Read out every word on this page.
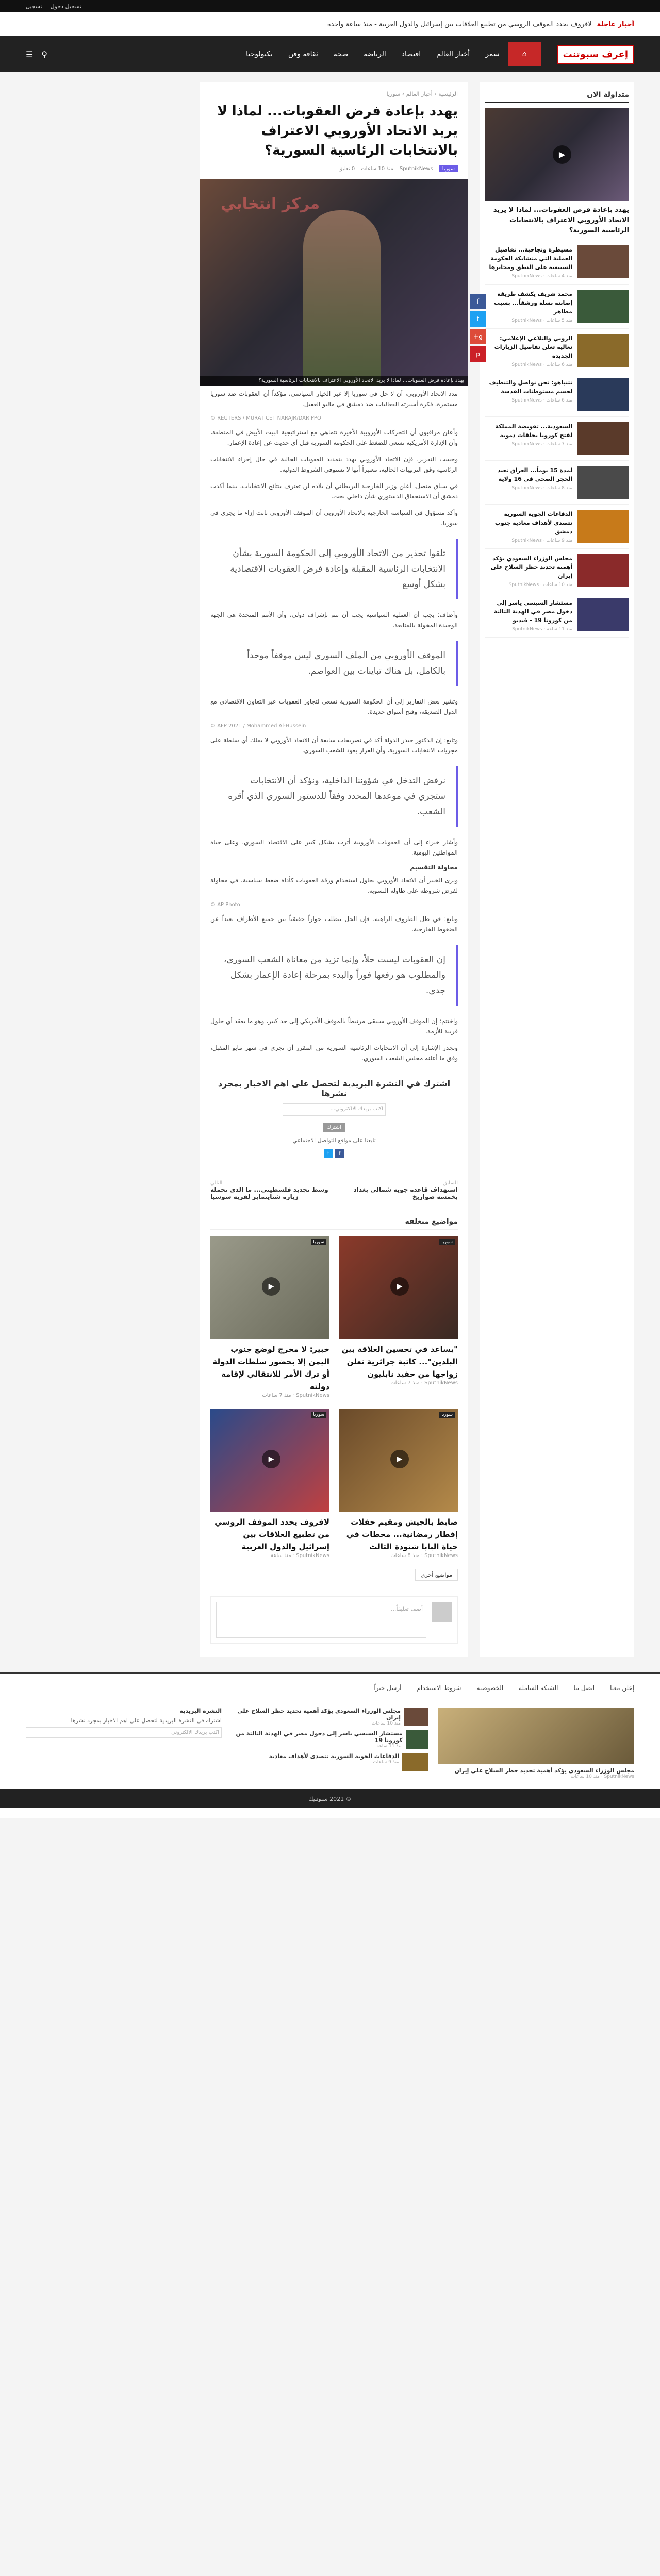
تسجيل دخول
تسجيل
أخبار عاجلة
لافروف يحدد الموقف الروسي من تطبيع العلاقات بين إسرائيل والدول العربية - منذ ساعة واحدة
إعرف سبوتنت
⌂
سمر
أخبار العالم
اقتصاد
الرياضة
صحة
ثقافة وفن
تكنولوجيا
⚲
☰
متداولة الان
▶
يهدد بإعادة فرض العقوبات... لماذا لا يريد الاتحاد الأوروبي الاعتراف بالانتخابات الرئاسية السورية؟
مسيطرة ونجاحية... تفاصيل العملية التي متشابكة الحكومة السبيعية على النطق ومخابرها
منذ 4 ساعات · SputnikNews
محمد شريف يكشف طريقة إصابته بسلة ورشقاً... بسبب مطاهر
منذ 5 ساعات · SputnikNews
الروبي والتلاعي الإعلامي: تعاليه تعلن تفاصيل الزيارات الجديدة
منذ 6 ساعات · SputnikNews
نتنياهو: نحن نواصل والتنظيف لحسم مستوطنات القدسة
منذ 6 ساعات · SputnikNews
السعودية... تفويضة المملكة لفتح كورونا بحلقات دموية
منذ 7 ساعات · SputnikNews
لمدة 15 يوماً... العراق تعيد الحجر الصحي في 16 ولاية
منذ 8 ساعات · SputnikNews
الدفاعات الجوية السورية تتصدى لأهداف معادية جنوب دمشق
منذ 9 ساعات · SputnikNews
مجلس الوزراء السعودي يؤكد أهمية تحديد حظر السلاح على إيران
منذ 10 ساعات · SputnikNews
مستشار السيسي ياسر إلى دخول مصر في الهدنة الثالثة من كورونا 19 - فيديو
منذ 11 ساعة · SputnikNews
الرئيسية › أخبار العالم › سوريا
يهدد بإعادة فرض العقوبات... لماذا لا يريد الاتحاد الأوروبي الاعتراف بالانتخابات الرئاسية السورية؟
سوريا
SputnikNews
منذ 10 ساعات
0 تعليق
مركز انتخابي
يهدد بإعادة فرض العقوبات... لماذا لا يريد الاتحاد الأوروبي الاعتراف بالانتخابات الرئاسية السورية؟
f
t
g+
p

مدد الاتحاد الأوروبي، أن لا حل في سوريا إلا عبر الخيار السياسي، مؤكداً أن العقوبات ضد سوريا مستمرة. فكرة أسيرته الفعاليات ضد دمشق في ماليو العقيل.

REUTERS / MURAT CET NARAJR/DARIPPO ©

وأعلن مراقبون أن التحركات الأوروبية الأخيرة تتماهى مع استراتيجية البيت الأبيض في المنطقة، وأن الإدارة الأمريكية تسعى للضغط على الحكومة السورية قبل أي حديث عن إعادة الإعمار.

وحسب التقرير، فإن الاتحاد الأوروبي يهدد بتمديد العقوبات الحالية في حال إجراء الانتخابات الرئاسية وفق الترتيبات الحالية، معتبراً أنها لا تستوفي الشروط الدولية.

في سياق متصل، أعلن وزير الخارجية البريطاني أن بلاده لن تعترف بنتائج الانتخابات، بينما أكدت دمشق أن الاستحقاق الدستوري شأن داخلي بحت.

وأكد مسؤول في السياسة الخارجية بالاتحاد الأوروبي أن الموقف الأوروبي ثابت إزاء ما يجري في سوريا.

تلقوا تحذير من الاتحاد الأوروبي إلى الحكومة السورية بشأن الانتخابات الرئاسية المقبلة وإعادة فرض العقوبات الاقتصادية بشكل أوسع

وأضاف: يجب أن العملية السياسية يجب أن تتم بإشراف دولي، وأن الأمم المتحدة هي الجهة الوحيدة المخولة بالمتابعة.

الموقف الأوروبي من الملف السوري ليس موقفاً موحداً بالكامل، بل هناك تباينات بين العواصم.

وتشير بعض التقارير إلى أن الحكومة السورية تسعى لتجاوز العقوبات عبر التعاون الاقتصادي مع الدول الصديقة، وفتح أسواق جديدة.

AFP 2021 / Mohammed Al-Hussein ©

وتابع: إن الدكتور حيدر الدولة أكد في تصريحات سابقة أن الاتحاد الأوروبي لا يملك أي سلطة على مجريات الانتخابات السورية، وأن القرار يعود للشعب السوري.

نرفض التدخل في شؤوننا الداخلية، ونؤكد أن الانتخابات ستجري في موعدها المحدد وفقاً للدستور السوري الذي أقره الشعب.

وأشار خبراء إلى أن العقوبات الأوروبية أثرت بشكل كبير على الاقتصاد السوري، وعلى حياة المواطنين اليومية.

محاولة التقسيم

ويرى الخبير أن الاتحاد الأوروبي يحاول استخدام ورقة العقوبات كأداة ضغط سياسية، في محاولة لفرض شروطه على طاولة التسوية.

AP Photo ©

وتابع: في ظل الظروف الراهنة، فإن الحل يتطلب حواراً حقيقياً بين جميع الأطراف بعيداً عن الضغوط الخارجية.

إن العقوبات ليست حلاً، وإنما تزيد من معاناة الشعب السوري، والمطلوب هو رفعها فوراً والبدء بمرحلة إعادة الإعمار بشكل جدي.

واختتم: إن الموقف الأوروبي سيبقى مرتبطاً بالموقف الأمريكي إلى حد كبير، وهو ما يعقد أي حلول قريبة للأزمة.

وتجدر الإشارة إلى أن الانتخابات الرئاسية السورية من المقرر أن تجرى في شهر مايو المقبل، وفق ما أعلنه مجلس الشعب السوري.

اشترك في النشرة البريدية لتحصل على اهم الاخبار بمجرد نشرها
اكتب بريدك الالكتروني...
اشترك
تابعنا على مواقع التواصل الاجتماعي
f
t
السابق
استهداف قاعدة جوية شمالي بغداد بخمسة صواريخ
التالي
وسط تجديد فلسطيني... ما الذي تحمله زيارة شتاينماير لقرية سوسيا
مواضيع متعلقة
سوريا
▶
"يساعد في تحسين العلاقة بين البلدين"... كاتبة جزائرية تعلن زواجها من حفيد نابليون
SputnikNews · منذ 7 ساعات
سوريا
▶
خبير: لا مخرج لوضع جنوب اليمن إلا بحضور سلطات الدولة أو ترك الأمر للانتقالي لإقامة دولته
SputnikNews · منذ 7 ساعات
سوريا
▶
ضابط بالجيش ومقيم حفلات إفطار رمضانية... محطات في حياة البابا شنودة الثالث
SputnikNews · منذ 8 ساعات
سوريا
▶
لافروف يحدد الموقف الروسي من تطبيع العلاقات بين إسرائيل والدول العربية
SputnikNews · منذ ساعة
مواضيع أخرى
أضف تعليقاً...
إعلن معنا
اتصل بنا
الشبكة الشاملة
الخصوصية
شروط الاستخدام
أرسل خبراً
مجلس الوزراء السعودي يؤكد أهمية تحديد حظر السلاح على إيران
SputnikNews · منذ 10 ساعات
مجلس الوزراء السعودي يؤكد أهمية تحديد حظر السلاح على إيران
منذ 10 ساعات
مستشار السيسي ياسر إلى دخول مصر في الهدنة الثالثة من كورونا 19
منذ 11 ساعة
الدفاعات الجوية السورية تتصدى لأهداف معادية
منذ 9 ساعات
النشرة البريدية
اشترك في النشرة البريدية لتحصل على اهم الاخبار بمجرد نشرها
اكتب بريدك الالكتروني
© 2021 سبوتنيك
